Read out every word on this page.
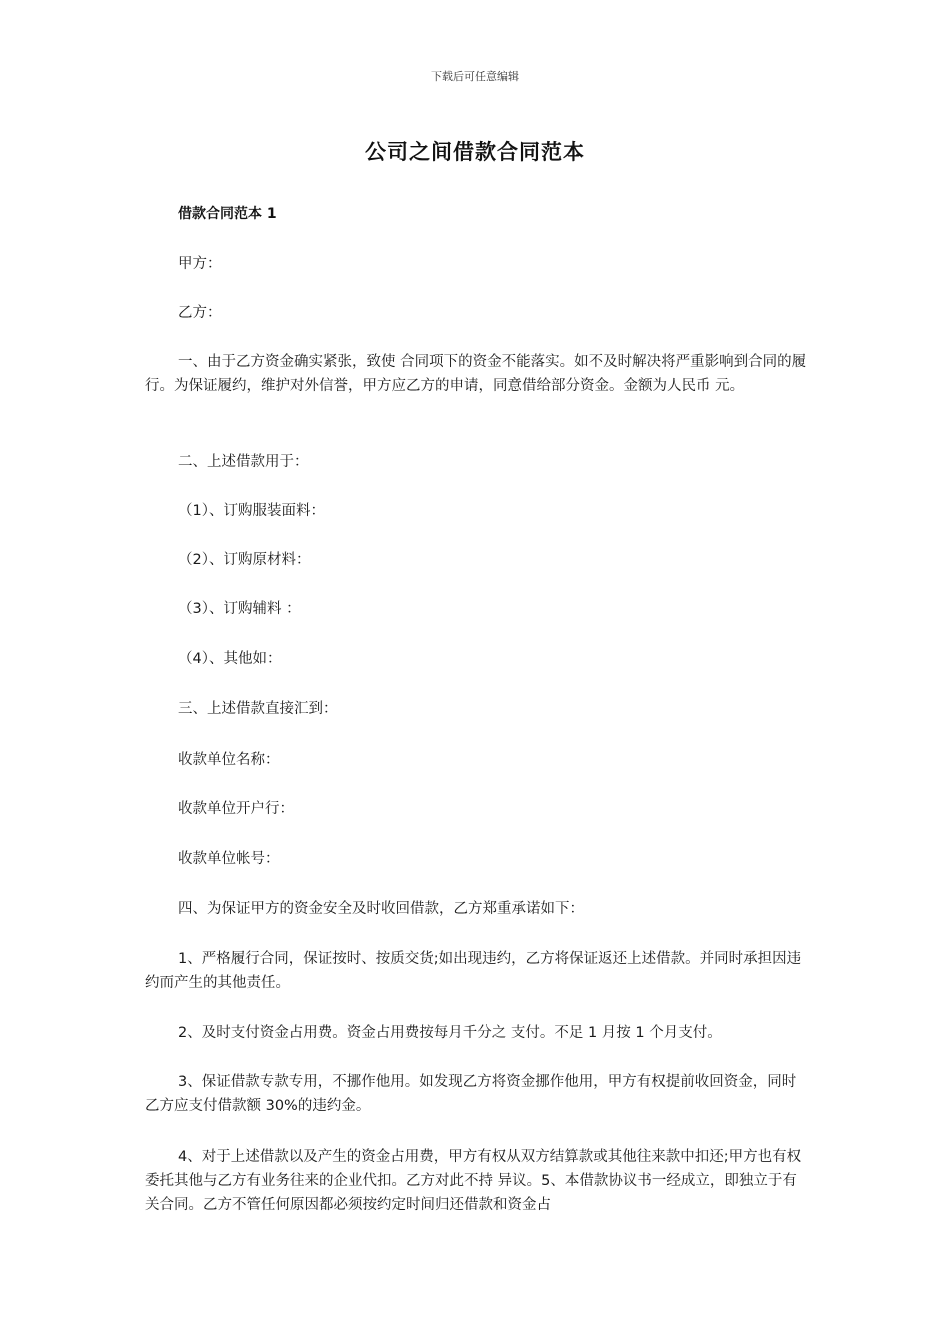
下载后可任意编辑
公司之间借款合同范本
借款合同范本 1
甲方：
乙方：
一、由于乙方资金确实紧张，致使 合同项下的资金不能落实。如不及时解决将严重影响到合同的履行。为保证履约，维护对外信誉，甲方应乙方的申请，同意借给部分资金。金额为人民币 元。
二、上述借款用于：
（1）、订购服装面料：
（2）、订购原材料：
（3）、订购辅料 ：
（4）、其他如：
三、上述借款直接汇到：
收款单位名称：
收款单位开户行：
收款单位帐号：
四、为保证甲方的资金安全及时收回借款，乙方郑重承诺如下：
1、严格履行合同，保证按时、按质交货;如出现违约，乙方将保证返还上述借款。并同时承担因违约而产生的其他责任。
2、及时支付资金占用费。资金占用费按每月千分之 支付。不足 1 月按 1 个月支付。
3、保证借款专款专用，不挪作他用。如发现乙方将资金挪作他用，甲方有权提前收回资金，同时乙方应支付借款额 30%的违约金。
4、对于上述借款以及产生的资金占用费，甲方有权从双方结算款或其他往来款中扣还;甲方也有权委托其他与乙方有业务往来的企业代扣。乙方对此不持 异议。5、本借款协议书一经成立，即独立于有关合同。乙方不管任何原因都必须按约定时间归还借款和资金占
